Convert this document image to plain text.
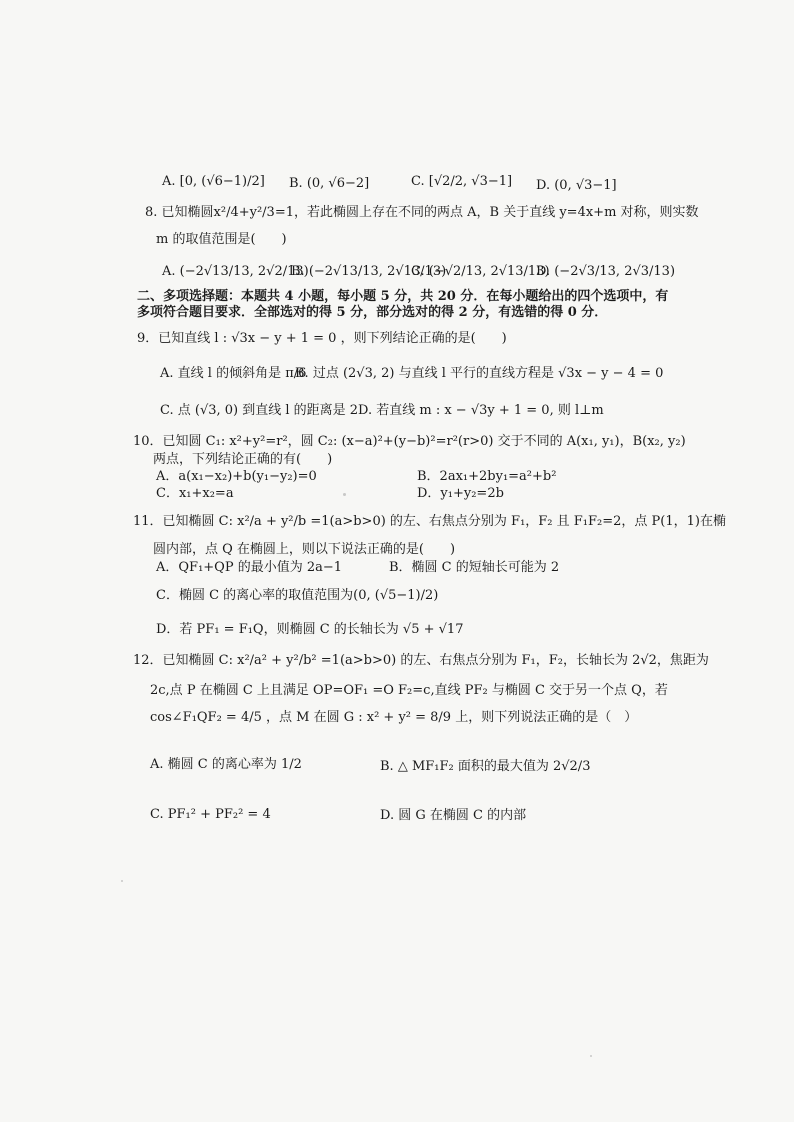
A. [0, (√6−1)/2] B. (0, √6−2]	C. [√2/2, √3−1] D. (0, √3−1]
8. 已知椭圆x²/4+y²/3=1，若此椭圆上存在不同的两点 A，B 关于直线 y=4x+m 对称，则实数
m 的取值范围是(　　)
A. (−2√13/13, 2√2/13)
B. (−2√13/13, 2√13/13)
C. (−√2/13, 2√13/13)
D. (−2√3/13, 2√3/13)
二、多项选择题：本题共 4 小题，每小题 5 分，共 20 分．在每小题给出的四个选项中，有
多项符合题目要求．全部选对的得 5 分，部分选对的得 2 分，有选错的得 0 分．
9．已知直线 l : √3x − y + 1 = 0 ，则下列结论正确的是(　　)
A. 直线 l 的倾斜角是 π/6
B. 过点 (2√3, 2) 与直线 l 平行的直线方程是 √3x − y − 4 = 0
C. 点 (√3, 0) 到直线 l 的距离是 2 D. 若直线 m : x − √3y + 1 = 0, 则 l⊥m
10．已知圆 C₁: x²+y²=r²，圆 C₂: (x−a)²+(y−b)²=r²(r>0) 交于不同的 A(x₁, y₁)，B(x₂, y₂)
两点，下列结论正确的有(　　)
A．a(x₁−x₂)+b(y₁−y₂)=0	B．2ax₁+2by₁=a²+b²
C．x₁+x₂=a	D．y₁+y₂=2b
11．已知椭圆 C: x²/a + y²/b =1(a>b>0) 的左、右焦点分别为 F₁，F₂ 且 F₁F₂=2，点 P(1，1)在椭
圆内部，点 Q 在椭圆上，则以下说法正确的是(　　)
A．QF₁+QP 的最小值为 2a−1	B．椭圆 C 的短轴长可能为 2
C．椭圆 C 的离心率的取值范围为(0, (√5−1)/2)
D．若 PF₁ = F₁Q，则椭圆 C 的长轴长为 √5 + √17
12．已知椭圆 C: x²/a² + y²/b² =1(a>b>0) 的左、右焦点分别为 F₁，F₂，长轴长为 2√2，焦距为
2c,点 P 在椭圆 C 上且满足 OP=OF₁ =O F₂=c,直线 PF₂ 与椭圆 C 交于另一个点 Q，若
cos∠F₁QF₂ = 4/5 ，点 M 在圆 G : x² + y² = 8/9 上，则下列说法正确的是（　）
A. 椭圆 C 的离心率为 1/2	B. △ MF₁F₂ 面积的最大值为 2√2/3
C. PF₁² + PF₂² = 4	D. 圆 G 在椭圆 C 的内部
